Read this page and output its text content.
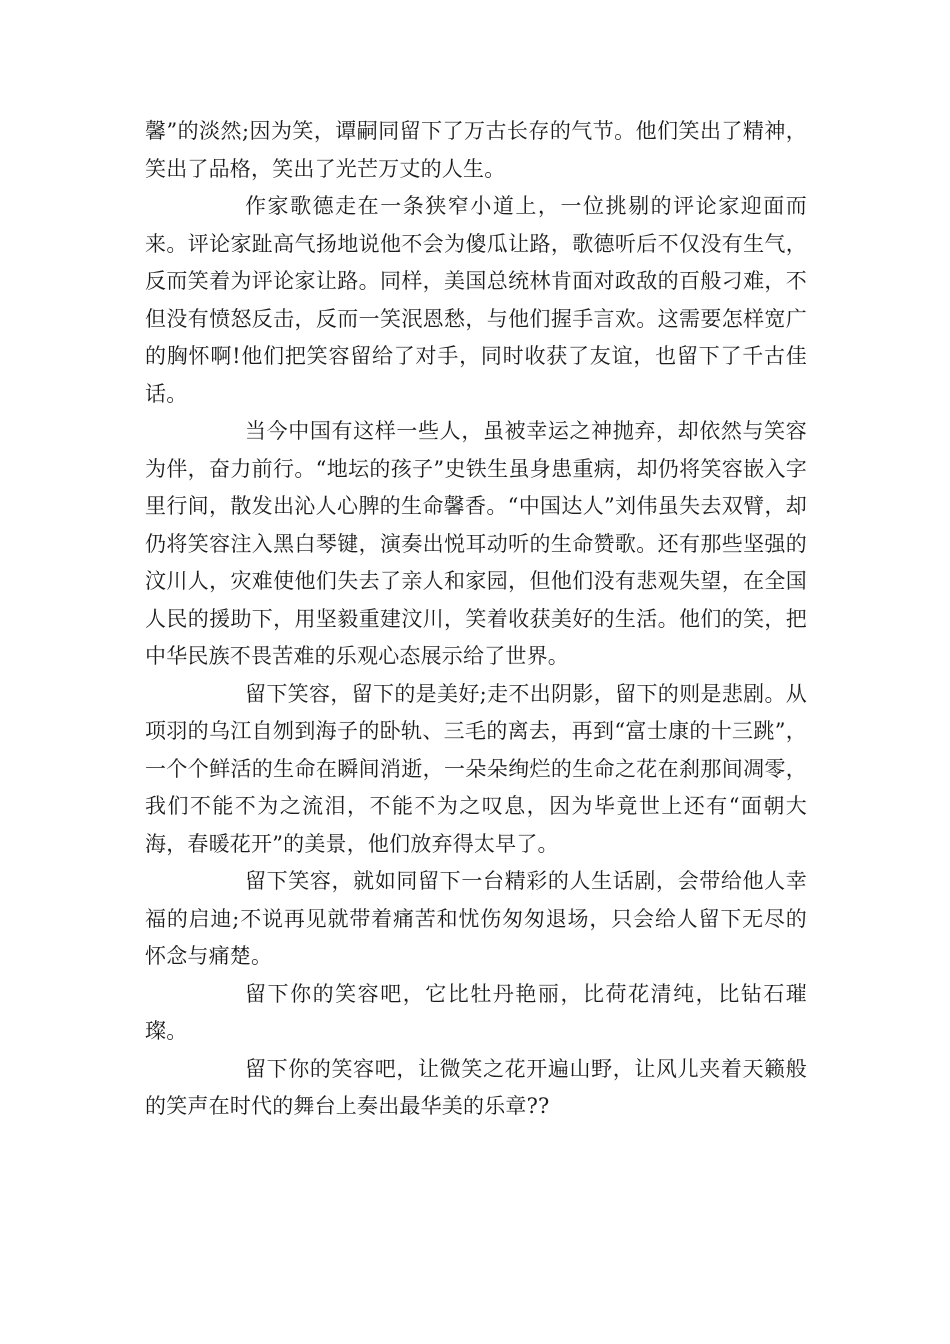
馨”的淡然;因为笑，谭嗣同留下了万古长存的气节。他们笑出了精神，笑出了品格，笑出了光芒万丈的人生。

作家歌德走在一条狭窄小道上，一位挑剔的评论家迎面而来。评论家趾高气扬地说他不会为傻瓜让路，歌德听后不仅没有生气，反而笑着为评论家让路。同样，美国总统林肯面对政敌的百般刁难，不但没有愤怒反击，反而一笑泯恩愁，与他们握手言欢。这需要怎样宽广的胸怀啊!他们把笑容留给了对手，同时收获了友谊，也留下了千古佳话。

当今中国有这样一些人，虽被幸运之神抛弃，却依然与笑容为伴，奋力前行。“地坛的孩子”史铁生虽身患重病，却仍将笑容嵌入字里行间，散发出沁人心脾的生命馨香。“中国达人”刘伟虽失去双臂，却仍将笑容注入黑白琴键，演奏出悦耳动听的生命赞歌。还有那些坚强的汶川人，灾难使他们失去了亲人和家园，但他们没有悲观失望，在全国人民的援助下，用坚毅重建汶川，笑着收获美好的生活。他们的笑，把中华民族不畏苦难的乐观心态展示给了世界。

留下笑容，留下的是美好;走不出阴影，留下的则是悲剧。从项羽的乌江自刎到海子的卧轨、三毛的离去，再到“富士康的十三跳”，一个个鲜活的生命在瞬间消逝，一朵朵绚烂的生命之花在刹那间凋零，我们不能不为之流泪，不能不为之叹息，因为毕竟世上还有“面朝大海，春暖花开”的美景，他们放弃得太早了。

留下笑容，就如同留下一台精彩的人生话剧，会带给他人幸福的启迪;不说再见就带着痛苦和忧伤匆匆退场，只会给人留下无尽的怀念与痛楚。

留下你的笑容吧，它比牡丹艳丽，比荷花清纯，比钻石璀璨。

留下你的笑容吧，让微笑之花开遍山野，让风儿夹着天籁般的笑声在时代的舞台上奏出最华美的乐章??
